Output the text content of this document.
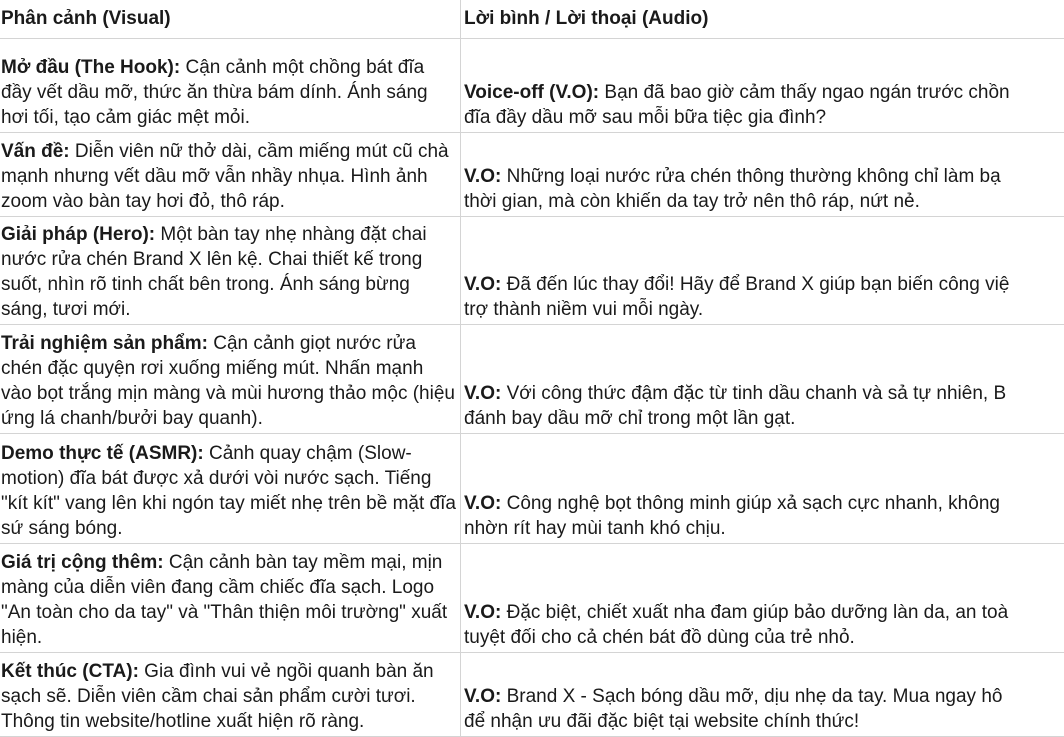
Phân cảnh (Visual)	Lời bình / Lời thoại (Audio)
Mở đầu (The Hook): Cận cảnh một chồng bát đĩa đầy vết dầu mỡ, thức ăn thừa bám dính. Ánh sáng hơi tối, tạo cảm giác mệt mỏi.	Voice-off (V.O): Bạn đã bao giờ cảm thấy ngao ngán trước chồn
đĩa đầy dầu mỡ sau mỗi bữa tiệc gia đình?

Vấn đề: Diễn viên nữ thở dài, cầm miếng mút cũ chà mạnh nhưng vết dầu mỡ vẫn nhầy nhụa. Hình ảnh zoom vào bàn tay hơi đỏ, thô ráp.	V.O: Những loại nước rửa chén thông thường không chỉ làm bạ
thời gian, mà còn khiến da tay trở nên thô ráp, nứt nẻ.

Giải pháp (Hero): Một bàn tay nhẹ nhàng đặt chai nước rửa chén Brand X lên kệ. Chai thiết kế trong suốt, nhìn rõ tinh chất bên trong. Ánh sáng bừng sáng, tươi mới.	V.O: Đã đến lúc thay đổi! Hãy để Brand X giúp bạn biến công việ
trợ thành niềm vui mỗi ngày.

Trải nghiệm sản phẩm: Cận cảnh giọt nước rửa chén đặc quyện rơi xuống miếng mút. Nhấn mạnh vào bọt trắng mịn màng và mùi hương thảo mộc (hiệu ứng lá chanh/bưởi bay quanh).	V.O: Với công thức đậm đặc từ tinh dầu chanh và sả tự nhiên, B
đánh bay dầu mỡ chỉ trong một lần gạt.

Demo thực tế (ASMR): Cảnh quay chậm (Slow-motion) đĩa bát được xả dưới vòi nước sạch. Tiếng "kít kít" vang lên khi ngón tay miết nhẹ trên bề mặt đĩa sứ sáng bóng.	V.O: Công nghệ bọt thông minh giúp xả sạch cực nhanh, không
nhờn rít hay mùi tanh khó chịu.

Giá trị cộng thêm: Cận cảnh bàn tay mềm mại, mịn màng của diễn viên đang cầm chiếc đĩa sạch. Logo "An toàn cho da tay" và "Thân thiện môi trường" xuất hiện.	V.O: Đặc biệt, chiết xuất nha đam giúp bảo dưỡng làn da, an toà
tuyệt đối cho cả chén bát đồ dùng của trẻ nhỏ.

Kết thúc (CTA): Gia đình vui vẻ ngồi quanh bàn ăn sạch sẽ. Diễn viên cầm chai sản phẩm cười tươi. Thông tin website/hotline xuất hiện rõ ràng.	V.O: Brand X - Sạch bóng dầu mỡ, dịu nhẹ da tay. Mua ngay hô
để nhận ưu đãi đặc biệt tại website chính thức!
